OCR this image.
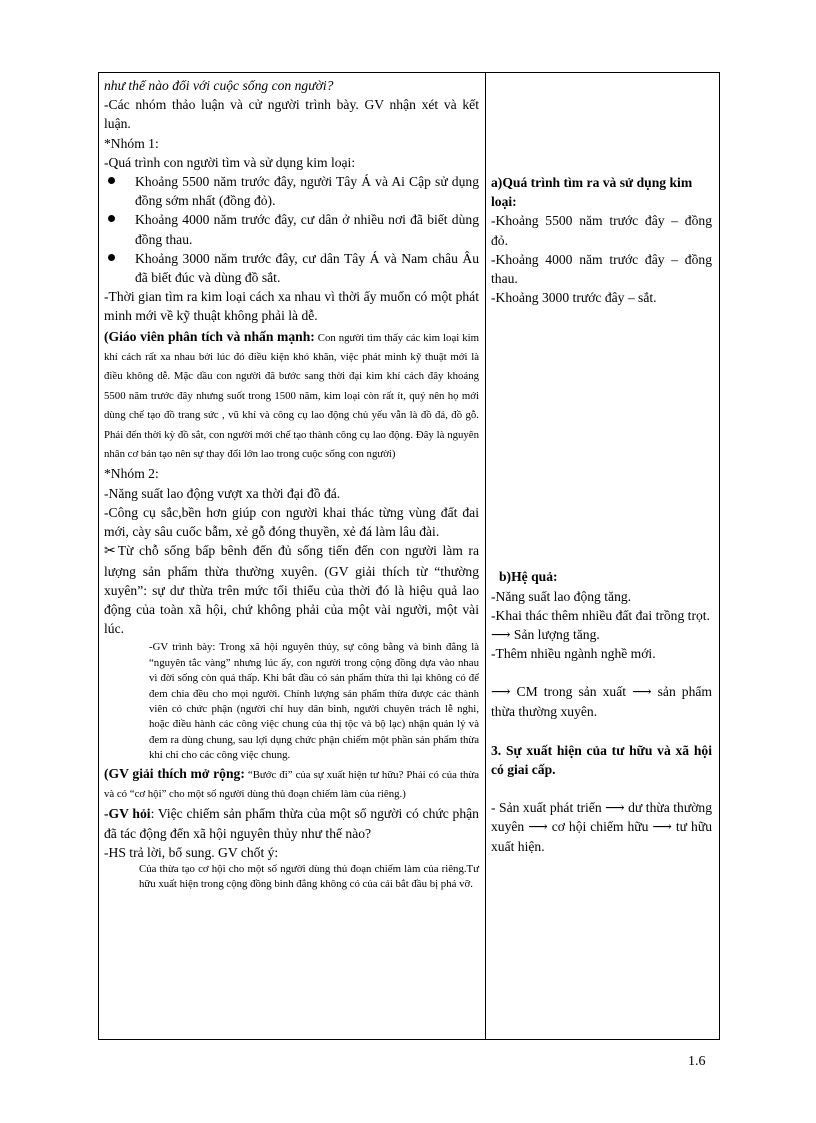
như thế nào đối với cuộc sống con người?

-Các nhóm thảo luận và cử người trình bày. GV nhận xét và kết luận.

*Nhóm 1:

-Quá trình con người tìm và sử dụng kim loại:

Khoảng 5500 năm trước đây, người Tây Á và Ai Cập sử dụng đồng sớm nhất (đồng đỏ).

Khoảng 4000 năm trước đây, cư dân ở nhiều nơi đã biết dùng đồng thau.

Khoảng 3000 năm trước đây, cư dân Tây Á và Nam châu Âu đã biết đúc và dùng đồ sắt.

-Thời gian tìm ra kim loại cách xa nhau vì thời ấy muốn có một phát minh mới về kỹ thuật không phải là dễ.

(Giáo viên phân tích và nhấn mạnh: Con người tìm thấy các kim loại kim khí cách rất xa nhau bởi lúc đó điều kiện khó khăn, việc phát minh kỹ thuật mới là điều không dễ. Mặc dầu con người đã bước sang thời đại kim khí cách đây khoảng 5500 năm trước đây nhưng suốt trong 1500 năm, kim loại còn rất ít, quý nên họ mới dùng chế tạo đồ trang sức , vũ khí và công cụ lao động chủ yếu vẫn là đồ đá, đồ gỗ. Phải đến thời kỳ đồ sắt, con người mới chế tạo thành công cụ lao động. Đây là nguyên nhân cơ bản tạo nên sự thay đổi lớn lao trong cuộc sống con người)

*Nhóm 2:

-Năng suất lao động vượt xa thời đại đồ đá.

-Công cụ sắc,bền hơn giúp con người khai thác từng vùng đất đai mới, cày sâu cuốc bẫm, xẻ gỗ đóng thuyền, xẻ đá làm lâu đài.

✂ Từ chỗ sống bấp bênh đến đủ sống tiến đến con người làm ra lượng sản phẩm thừa thường xuyên. (GV giải thích từ “thường xuyên”: sự dư thừa trên mức tối thiểu của thời đó là hiệu quả lao động của toàn xã hội, chứ không phải của một vài người, một vài lúc.

-GV trình bày: Trong xã hội nguyên thủy, sự công bằng và bình đẳng là “nguyên tắc vàng” nhưng lúc ấy, con người trong cộng đồng dựa vào nhau vì đời sống còn quá thấp. Khi bắt đầu có sản phẩm thừa thì lại không có để đem chia đều cho mọi người. Chính lượng sản phẩm thừa được các thành viên có chức phận (người chỉ huy dân binh, người chuyên trách lễ nghi, hoặc điều hành các công việc chung của thị tộc và bộ lạc) nhận quản lý và đem ra dùng chung, sau lợi dụng chức phận chiếm một phần sản phẩm thừa khi chi cho các công việc chung.

(GV giải thích mở rộng: “Bước đi” của sự xuất hiện tư hữu? Phải có của thừa và có “cơ hội” cho một số người dùng thủ đoạn chiếm làm của riêng.)

-GV hỏi: Việc chiếm sản phẩm thừa của một số người có chức phận đã tác động đến xã hội nguyên thủy như thế nào?

-HS trả lời, bổ sung. GV chốt ý:

Của thừa tạo cơ hội cho một số người dùng thủ đoạn chiếm làm của riêng.Tư hữu xuất hiện trong cộng đồng bình đẳng không có của cải bắt đầu bị phá vỡ.

a)Quá trình tìm ra và sử dụng kim loại:

-Khoảng 5500 năm trước đây – đồng đỏ.

-Khoảng 4000 năm trước đây – đồng thau.

-Khoảng 3000 trước đây – sắt.

b)Hệ quả:

-Năng suất lao động tăng.

-Khai thác thêm nhiều đất đai trồng trọt.

⟶ Sản lượng tăng.

-Thêm nhiều ngành nghề mới.

⟶ CM trong sản xuất ⟶ sản phẩm thừa thường xuyên.

3. Sự xuất hiện của tư hữu và xã hội có giai cấp.

- Sản xuất phát triển ⟶ dư thừa thường xuyên ⟶ cơ hội chiếm hữu ⟶ tư hữu xuất hiện.

1.6
